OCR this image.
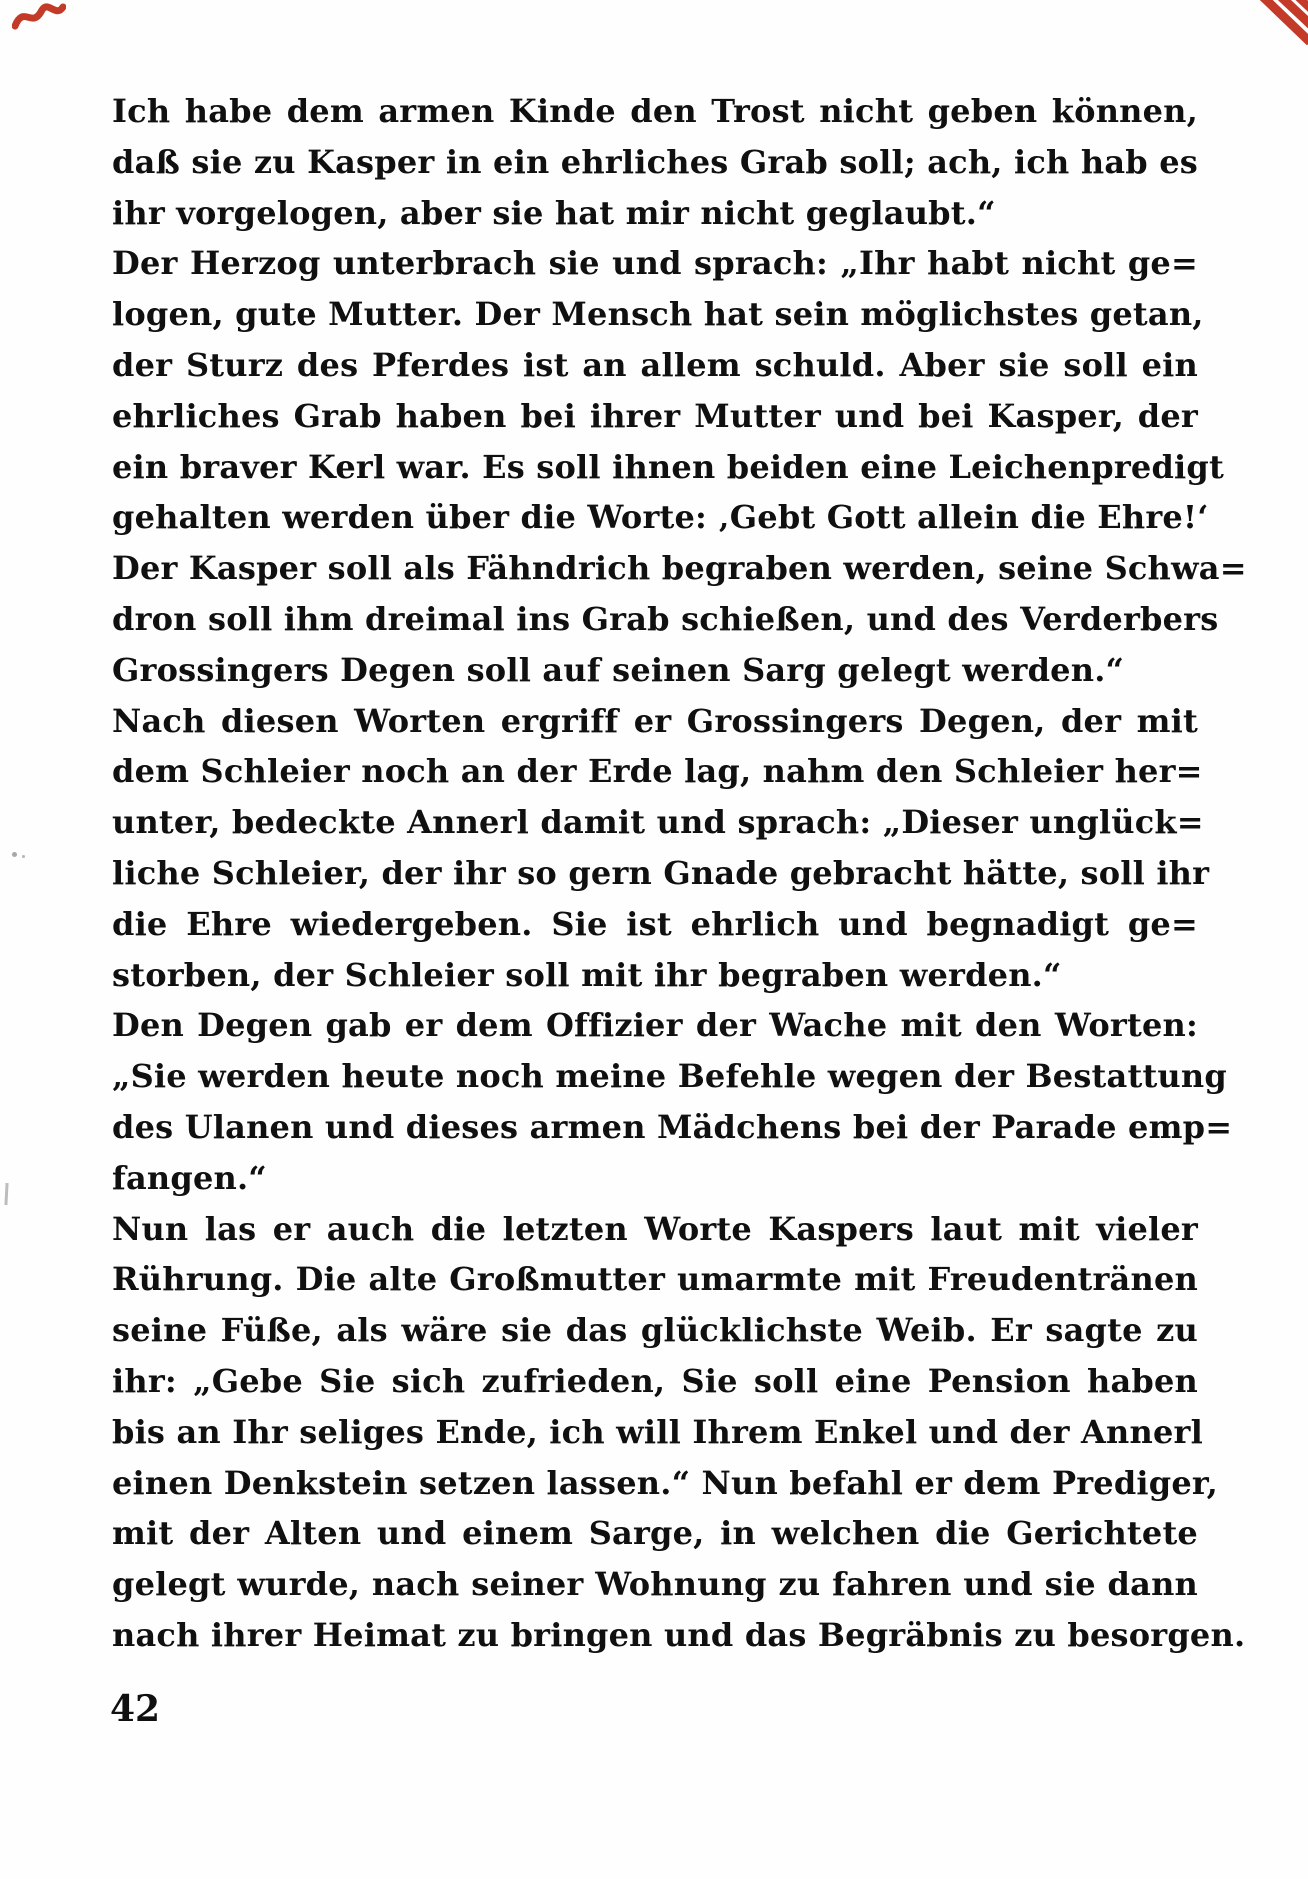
Ich habe dem armen Kinde den Trost nicht geben können,
daß sie zu Kasper in ein ehrliches Grab soll; ach, ich hab es
ihr vorgelogen, aber sie hat mir nicht geglaubt.“
Der Herzog unterbrach sie und sprach: „Ihr habt nicht ge=
logen, gute Mutter. Der Mensch hat sein möglichstes getan,
der Sturz des Pferdes ist an allem schuld. Aber sie soll ein
ehrliches Grab haben bei ihrer Mutter und bei Kasper, der
ein braver Kerl war. Es soll ihnen beiden eine Leichenpredigt
gehalten werden über die Worte: ‚Gebt Gott allein die Ehre!‘
Der Kasper soll als Fähndrich begraben werden, seine Schwa=
dron soll ihm dreimal ins Grab schießen, und des Verderbers
Grossingers Degen soll auf seinen Sarg gelegt werden.“
Nach diesen Worten ergriff er Grossingers Degen, der mit
dem Schleier noch an der Erde lag, nahm den Schleier her=
unter, bedeckte Annerl damit und sprach: „Dieser unglück=
liche Schleier, der ihr so gern Gnade gebracht hätte, soll ihr
die Ehre wiedergeben. Sie ist ehrlich und begnadigt ge=
storben, der Schleier soll mit ihr begraben werden.“
Den Degen gab er dem Offizier der Wache mit den Worten:
„Sie werden heute noch meine Befehle wegen der Bestattung
des Ulanen und dieses armen Mädchens bei der Parade emp=
fangen.“
Nun las er auch die letzten Worte Kaspers laut mit vieler
Rührung. Die alte Großmutter umarmte mit Freudentränen
seine Füße, als wäre sie das glücklichste Weib. Er sagte zu
ihr: „Gebe Sie sich zufrieden, Sie soll eine Pension haben
bis an Ihr seliges Ende, ich will Ihrem Enkel und der Annerl
einen Denkstein setzen lassen.“ Nun befahl er dem Prediger,
mit der Alten und einem Sarge, in welchen die Gerichtete
gelegt wurde, nach seiner Wohnung zu fahren und sie dann
nach ihrer Heimat zu bringen und das Begräbnis zu besorgen.
42
